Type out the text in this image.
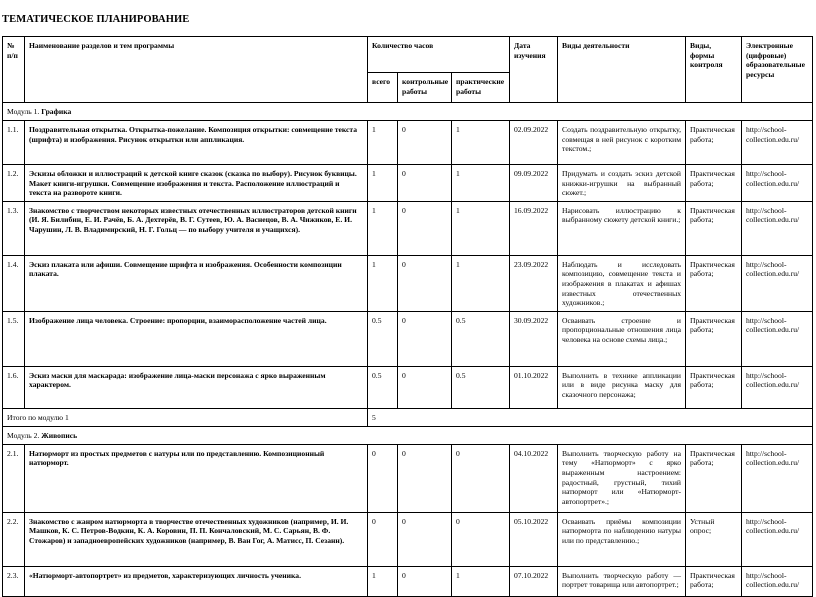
ТЕМАТИЧЕСКОЕ ПЛАНИРОВАНИЕ
№ п/п	Наименование разделов и тем программы	Количество часов			Дата изучения	Виды деятельности	Виды, формы контроля	Электронные (цифровые) образовательные ресурсы
		всего	контрольные работы	практические работы				
Модуль 1. Графика								
1.1.	Поздравительная открытка. Открытка-пожелание. Композиция открытки: совмещение текста (шрифта) и изображения. Рисунок открытки или аппликация.	1	0	1	02.09.2022	Создать поздравительную открытку, совмещая в ней рисунок с коротким текстом.;	Практическая работа;	http://school-collection.edu.ru/
1.2.	Эскизы обложки и иллюстраций к детской книге сказок (сказка по выбору). Рисунок буквицы. Макет книги-игрушки. Совмещение изображения и текста. Расположение иллюстраций и текста на развороте книги.	1	0	1	09.09.2022	Придумать и создать эскиз детской книжки-игрушки на выбранный сюжет.;	Практическая работа;	http://school-collection.edu.ru/
1.3.	Знакомство с творчеством некоторых известных отечественных иллюстраторов детской книги (И. Я. Билибин, Е. И. Рачёв, Б. А. Дехтерёв, В. Г. Сутеев, Ю. А. Васнецов, В. А. Чижиков, Е. И. Чарушин, Л. В. Владимирский, Н. Г. Гольц — по выбору учителя и учащихся).	1	0	1	16.09.2022	Нарисовать иллюстрацию к выбранному сюжету детской книги.;	Практическая работа;	http://school-collection.edu.ru/
1.4.	Эскиз плаката или афиши. Совмещение шрифта и изображения. Особенности композиции плаката.	1	0	1	23.09.2022	Наблюдать и исследовать композицию, совмещение текста и изображения в плакатах и афишах известных отечественных художников.;	Практическая работа;	http://school-collection.edu.ru/
1.5.	Изображение лица человека. Строение: пропорции, взаиморасположение частей лица.	0.5	0	0.5	30.09.2022	Осваивать строение и пропорциональные отношения лица человека на основе схемы лица.;	Практическая работа;	http://school-collection.edu.ru/
1.6.	Эскиз маски для маскарада: изображение лица-маски персонажа с ярко выраженным характером.	0.5	0	0.5	01.10.2022	Выполнить в технике аппликации или в виде рисунка маску для сказочного персонажа;	Практическая работа;	http://school-collection.edu.ru/
Итого по модулю 1		5						
Модуль 2. Живопись								
2.1.	Натюрморт из простых предметов с натуры или по представлению. Композиционный натюрморт.	0	0	0	04.10.2022	Выполнить творческую работу на тему «Натюрморт» с ярко выраженным настроением: радостный, грустный, тихий натюрморт или «Натюрморт-автопортрет».;	Практическая работа;	http://school-collection.edu.ru/
2.2.	Знакомство с жанром натюрморта в творчестве отечественных художников (например, И. И. Машков, К. С. Петров-Водкин, К. А. Коровин, П. П. Кончаловский, М. С. Сарьян, В. Ф. Стожаров) и западноевропейских художников (например, В. Ван Гог, А. Матисс, П. Сезанн).	0	0	0	05.10.2022	Осваивать приёмы композиции натюрморта по наблюдению натуры или по представлению.;	Устный опрос;	http://school-collection.edu.ru/
2.3.	«Натюрморт-автопортрет» из предметов, характеризующих личность ученика.	1	0	1	07.10.2022	Выполнить творческую работу — портрет товарища или автопортрет.;	Практическая работа;	http://school-collection.edu.ru/
